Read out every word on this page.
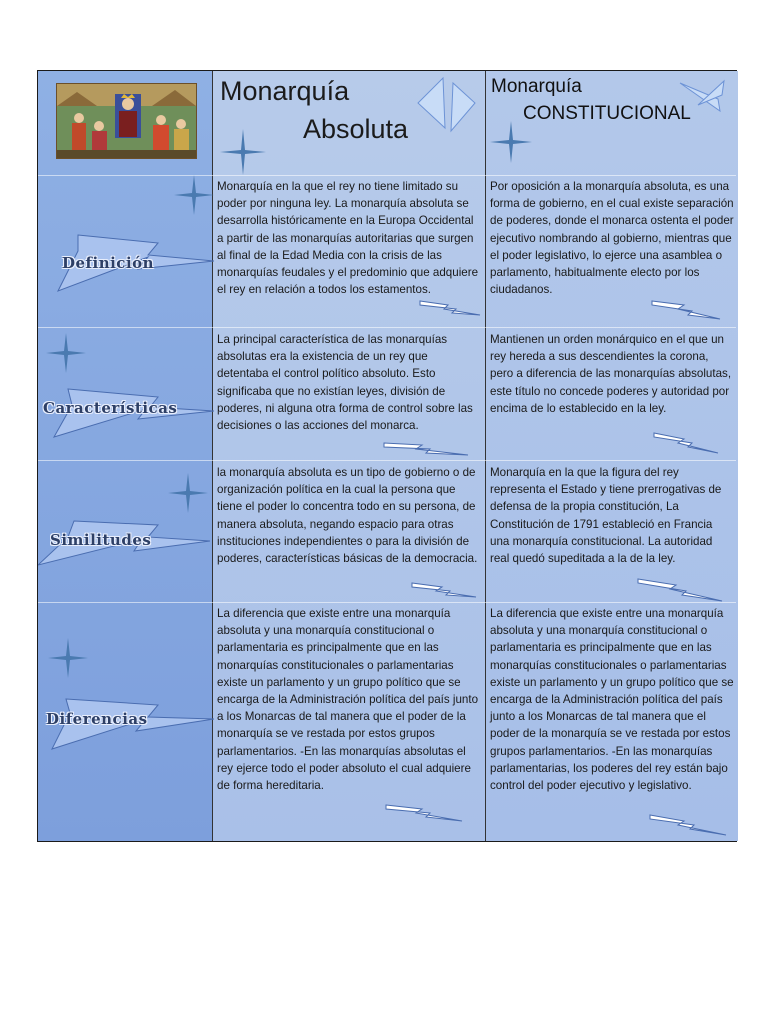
Monarquía
Absoluta
Monarquía
CONSTITUCIONAL
Definición
Características
Similitudes
Diferencias
Monarquía en la que el rey no tiene limitado su poder por ninguna ley. La monarquía absoluta se desarrolla históricamente en la Europa Occidental a partir de las monarquías autoritarias que surgen al final de la Edad Media con la crisis de las monarquías feudales y el predominio que adquiere el rey en relación a todos los estamentos.
Por oposición a la monarquía absoluta, es una forma de gobierno, en el cual existe separación de poderes, donde el monarca ostenta el poder ejecutivo nombrando al gobierno, mientras que el poder legislativo, lo ejerce una asamblea o parlamento, habitualmente electo por los ciudadanos.
La principal característica de las monarquías absolutas era la existencia de un rey que detentaba el control político absoluto. Esto significaba que no existían leyes, división de poderes, ni alguna otra forma de control sobre las decisiones o las acciones del monarca.
Mantienen un orden monárquico en el que un rey hereda a sus descendientes la corona, pero a diferencia de las monarquías absolutas, este título no concede poderes y autoridad por encima de lo establecido en la ley.
la monarquía absoluta es un tipo de gobierno o de organización política en la cual la persona que tiene el poder lo concentra todo en su persona, de manera absoluta, negando espacio para otras instituciones independientes o para la división de poderes, características básicas de la democracia.
Monarquía en la que la figura del rey representa el Estado y tiene prerrogativas de defensa de la propia constitución, La Constitución de 1791 estableció en Francia una monarquía constitucional. La autoridad real quedó supeditada a la de la ley.
La diferencia que existe entre una monarquía absoluta y una monarquía constitucional o parlamentaria es principalmente que en las monarquías constitucionales o parlamentarias existe un parlamento y un grupo político que se encarga de la Administración política del país junto a los Monarcas de tal manera que el poder de la monarquía se ve restada por estos grupos parlamentarios. -En las monarquías absolutas el rey ejerce todo el poder absoluto el cual adquiere de forma hereditaria.
La diferencia que existe entre una monarquía absoluta y una monarquía constitucional o parlamentaria es principalmente que en las monarquías constitucionales o parlamentarias existe un parlamento y un grupo político que se encarga de la Administración política del país junto a los Monarcas de tal manera que el poder de la monarquía se ve restada por estos grupos parlamentarios. -En las monarquías parlamentarias, los poderes del rey están bajo control del poder ejecutivo y legislativo.
